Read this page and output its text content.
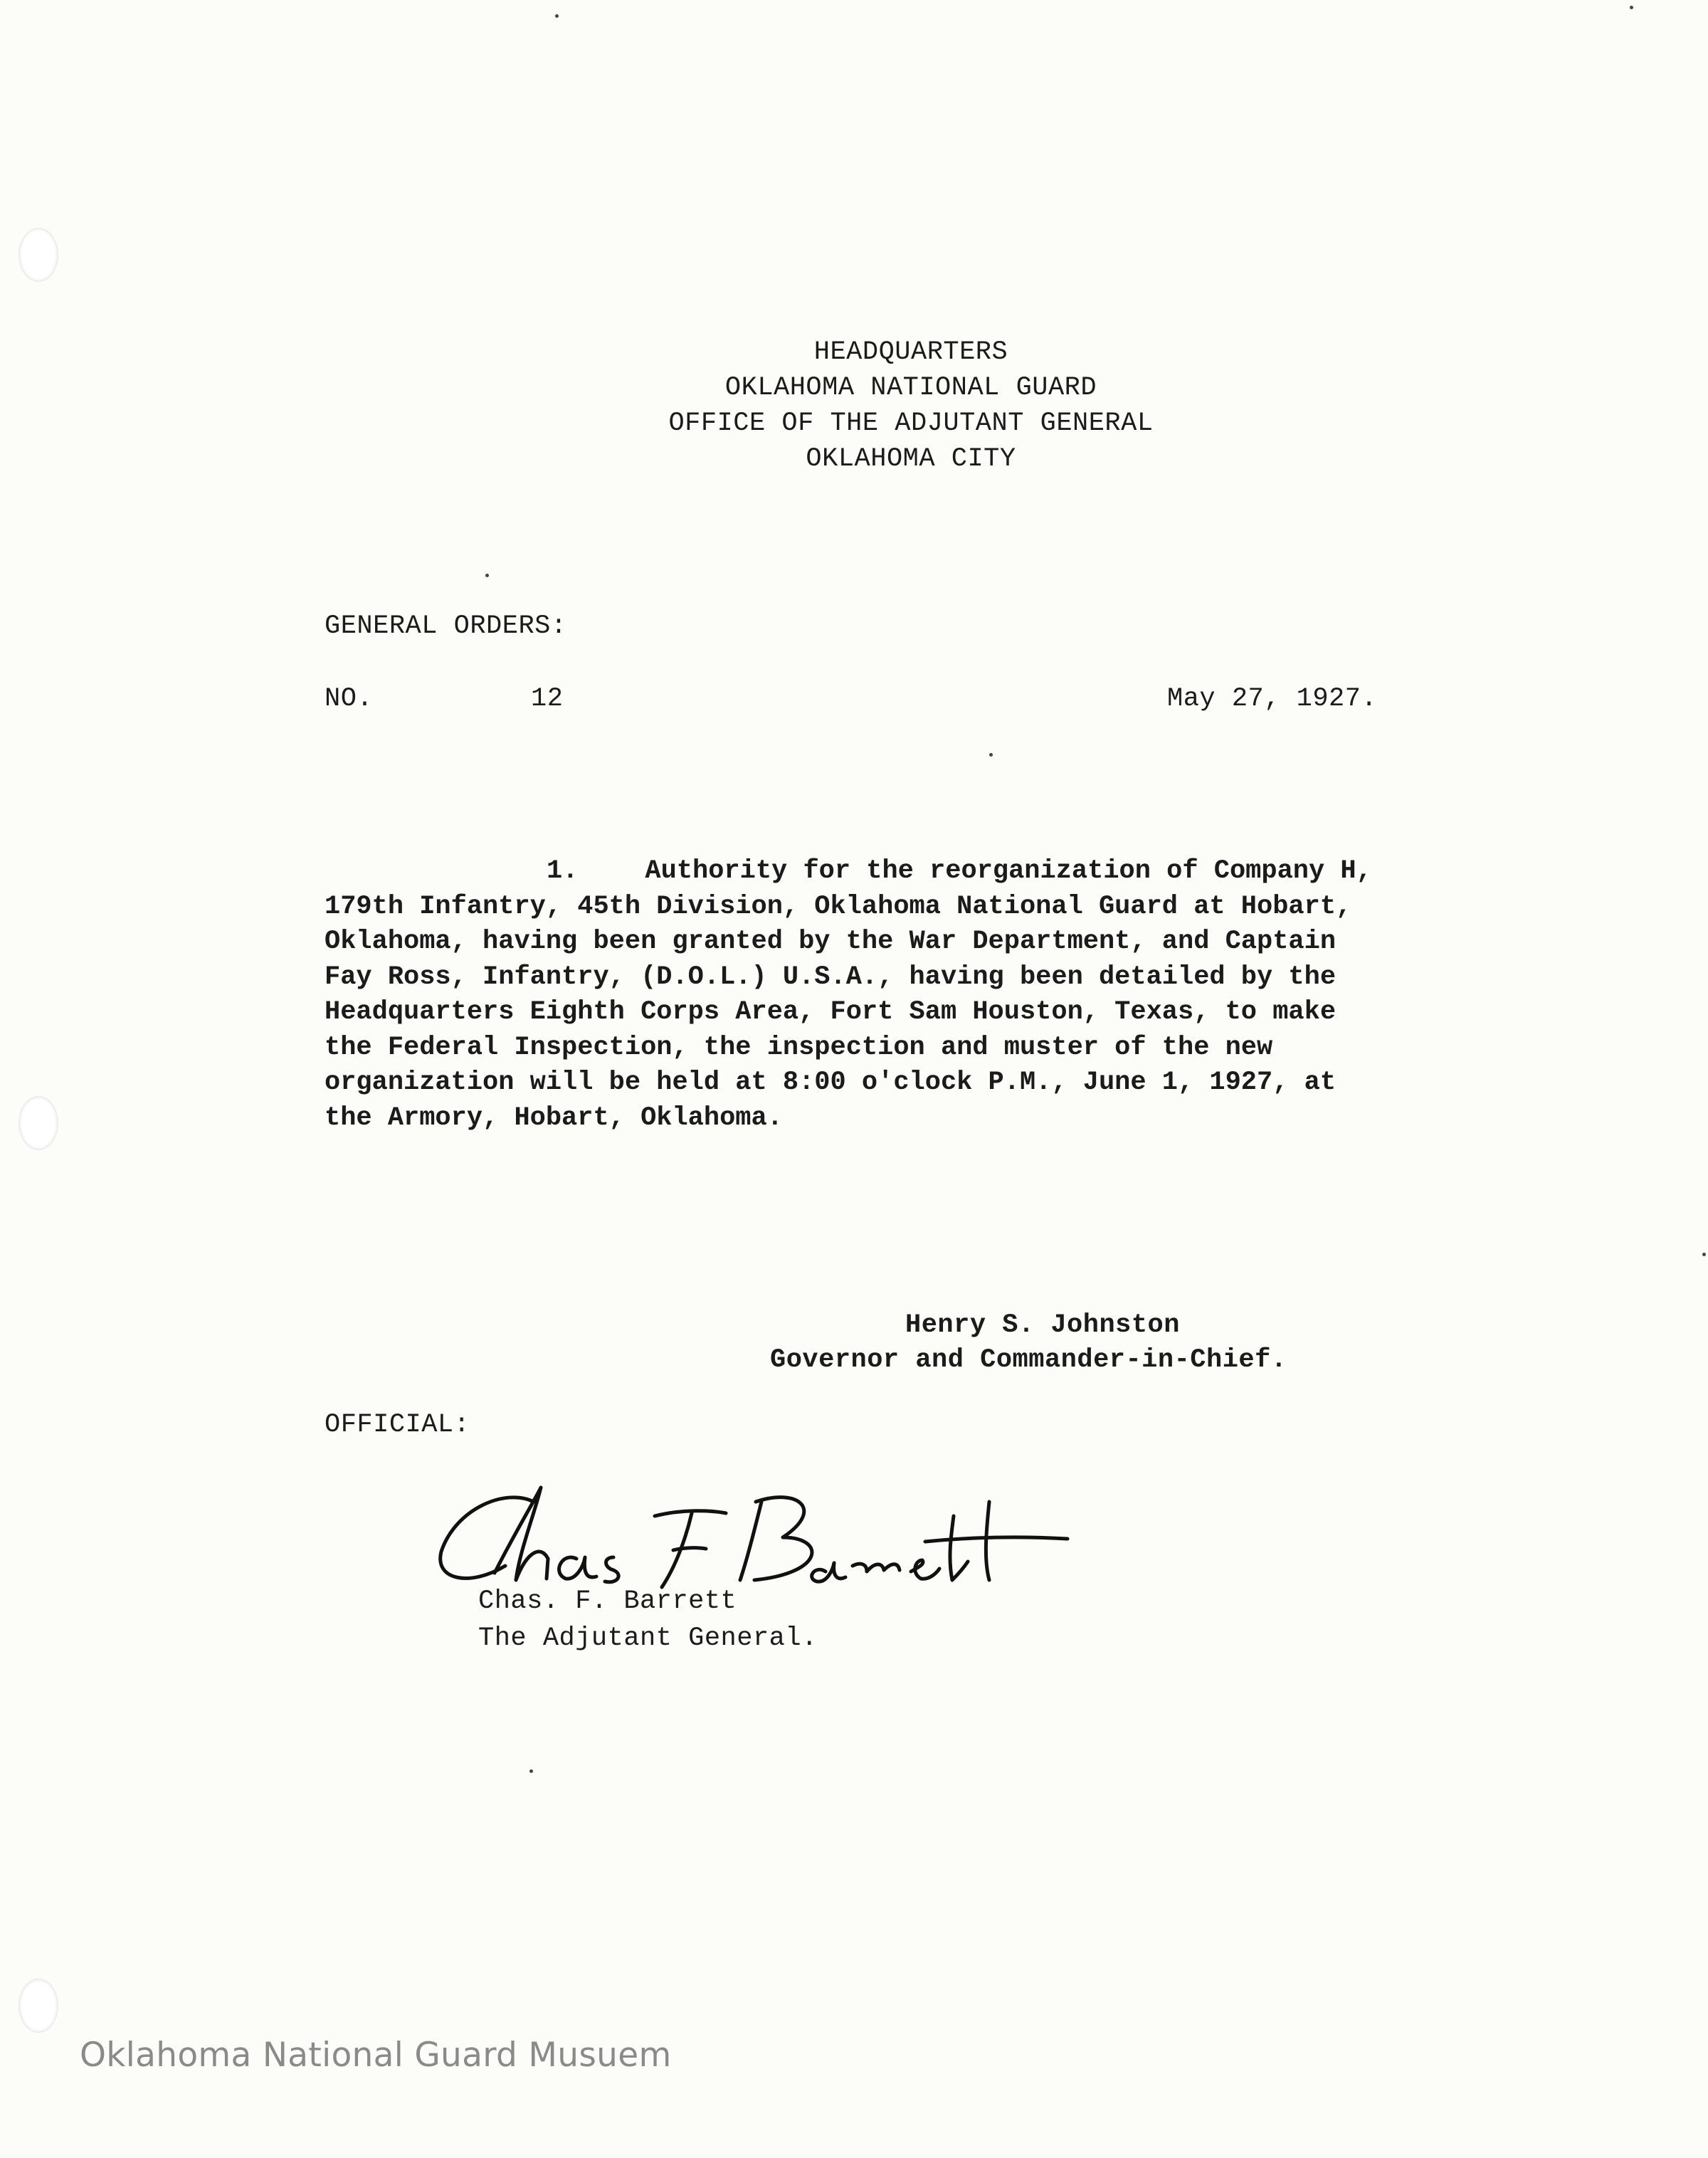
HEADQUARTERS
OKLAHOMA NATIONAL GUARD
OFFICE OF THE ADJUTANT GENERAL
OKLAHOMA CITY
GENERAL ORDERS:
NO.	12	May 27, 1927.
1.	Authority for the reorganization of Company H,
179th Infantry, 45th Division, Oklahoma National Guard at Hobart,
Oklahoma, having been granted by the War Department, and Captain
Fay Ross, Infantry, (D.O.L.) U.S.A., having been detailed by the
Headquarters Eighth Corps Area, Fort Sam Houston, Texas, to make
the Federal Inspection, the inspection and muster of the new
organization will be held at 8:00 o'clock P.M., June 1, 1927, at
the Armory, Hobart, Oklahoma.
Henry S. Johnston
Governor and Commander-in-Chief.
OFFICIAL:
Chas. F. Barrett
The Adjutant General.
Oklahoma National Guard Musuem
